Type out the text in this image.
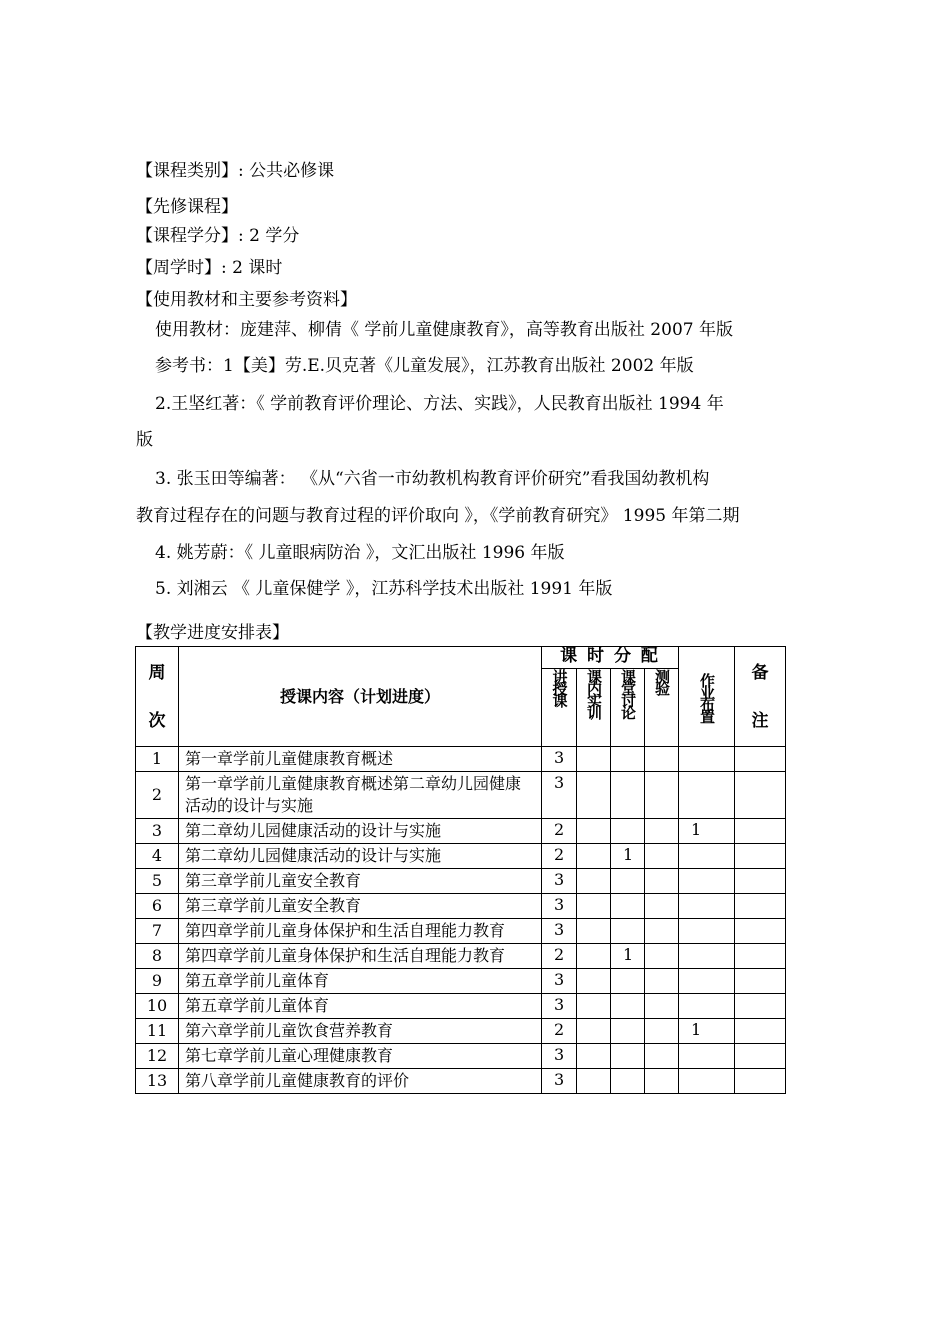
【课程类别】: 公共必修课
【先修课程】
【课程学分】: 2 学分
【周学时】: 2 课时
【使用教材和主要参考资料】
使用教材：庞建萍、柳倩《 学前儿童健康教育》，高等教育出版社 2007 年版
参考书：1【美】劳.E.贝克著《儿童发展》，江苏教育出版社 2002 年版
2.王坚红著：《 学前教育评价理论、方法、实践》，人民教育出版社 1994 年
版
3. 张玉田等编著： 《从“六省一市幼教机构教育评价研究”看我国幼教机构
教育过程存在的问题与教育过程的评价取向 》，《学前教育研究》 1995 年第二期
4. 姚芳蔚：《 儿童眼病防治 》，文汇出版社 1996 年版
5. 刘湘云 《 儿童保健学 》，江苏科学技术出版社 1991 年版
【教学进度安排表】
周
次	授课内容（计划进度）	课 时 分 配				作业布置	备
注

		讲授课	课内实训	课堂讨论	测验		

1	第一章学前儿童健康教育概述	3					
2	第一章学前儿童健康教育概述第二章幼儿园健康活动的设计与实施	3					
3	第二章幼儿园健康活动的设计与实施	2				1	
4	第二章幼儿园健康活动的设计与实施	2		1			
5	第三章学前儿童安全教育	3					
6	第三章学前儿童安全教育	3					
7	第四章学前儿童身体保护和生活自理能力教育	3					
8	第四章学前儿童身体保护和生活自理能力教育	2		1			
9	第五章学前儿童体育	3					
10	第五章学前儿童体育	3					
11	第六章学前儿童饮食营养教育	2				1	
12	第七章学前儿童心理健康教育	3					
13	第八章学前儿童健康教育的评价	3					
